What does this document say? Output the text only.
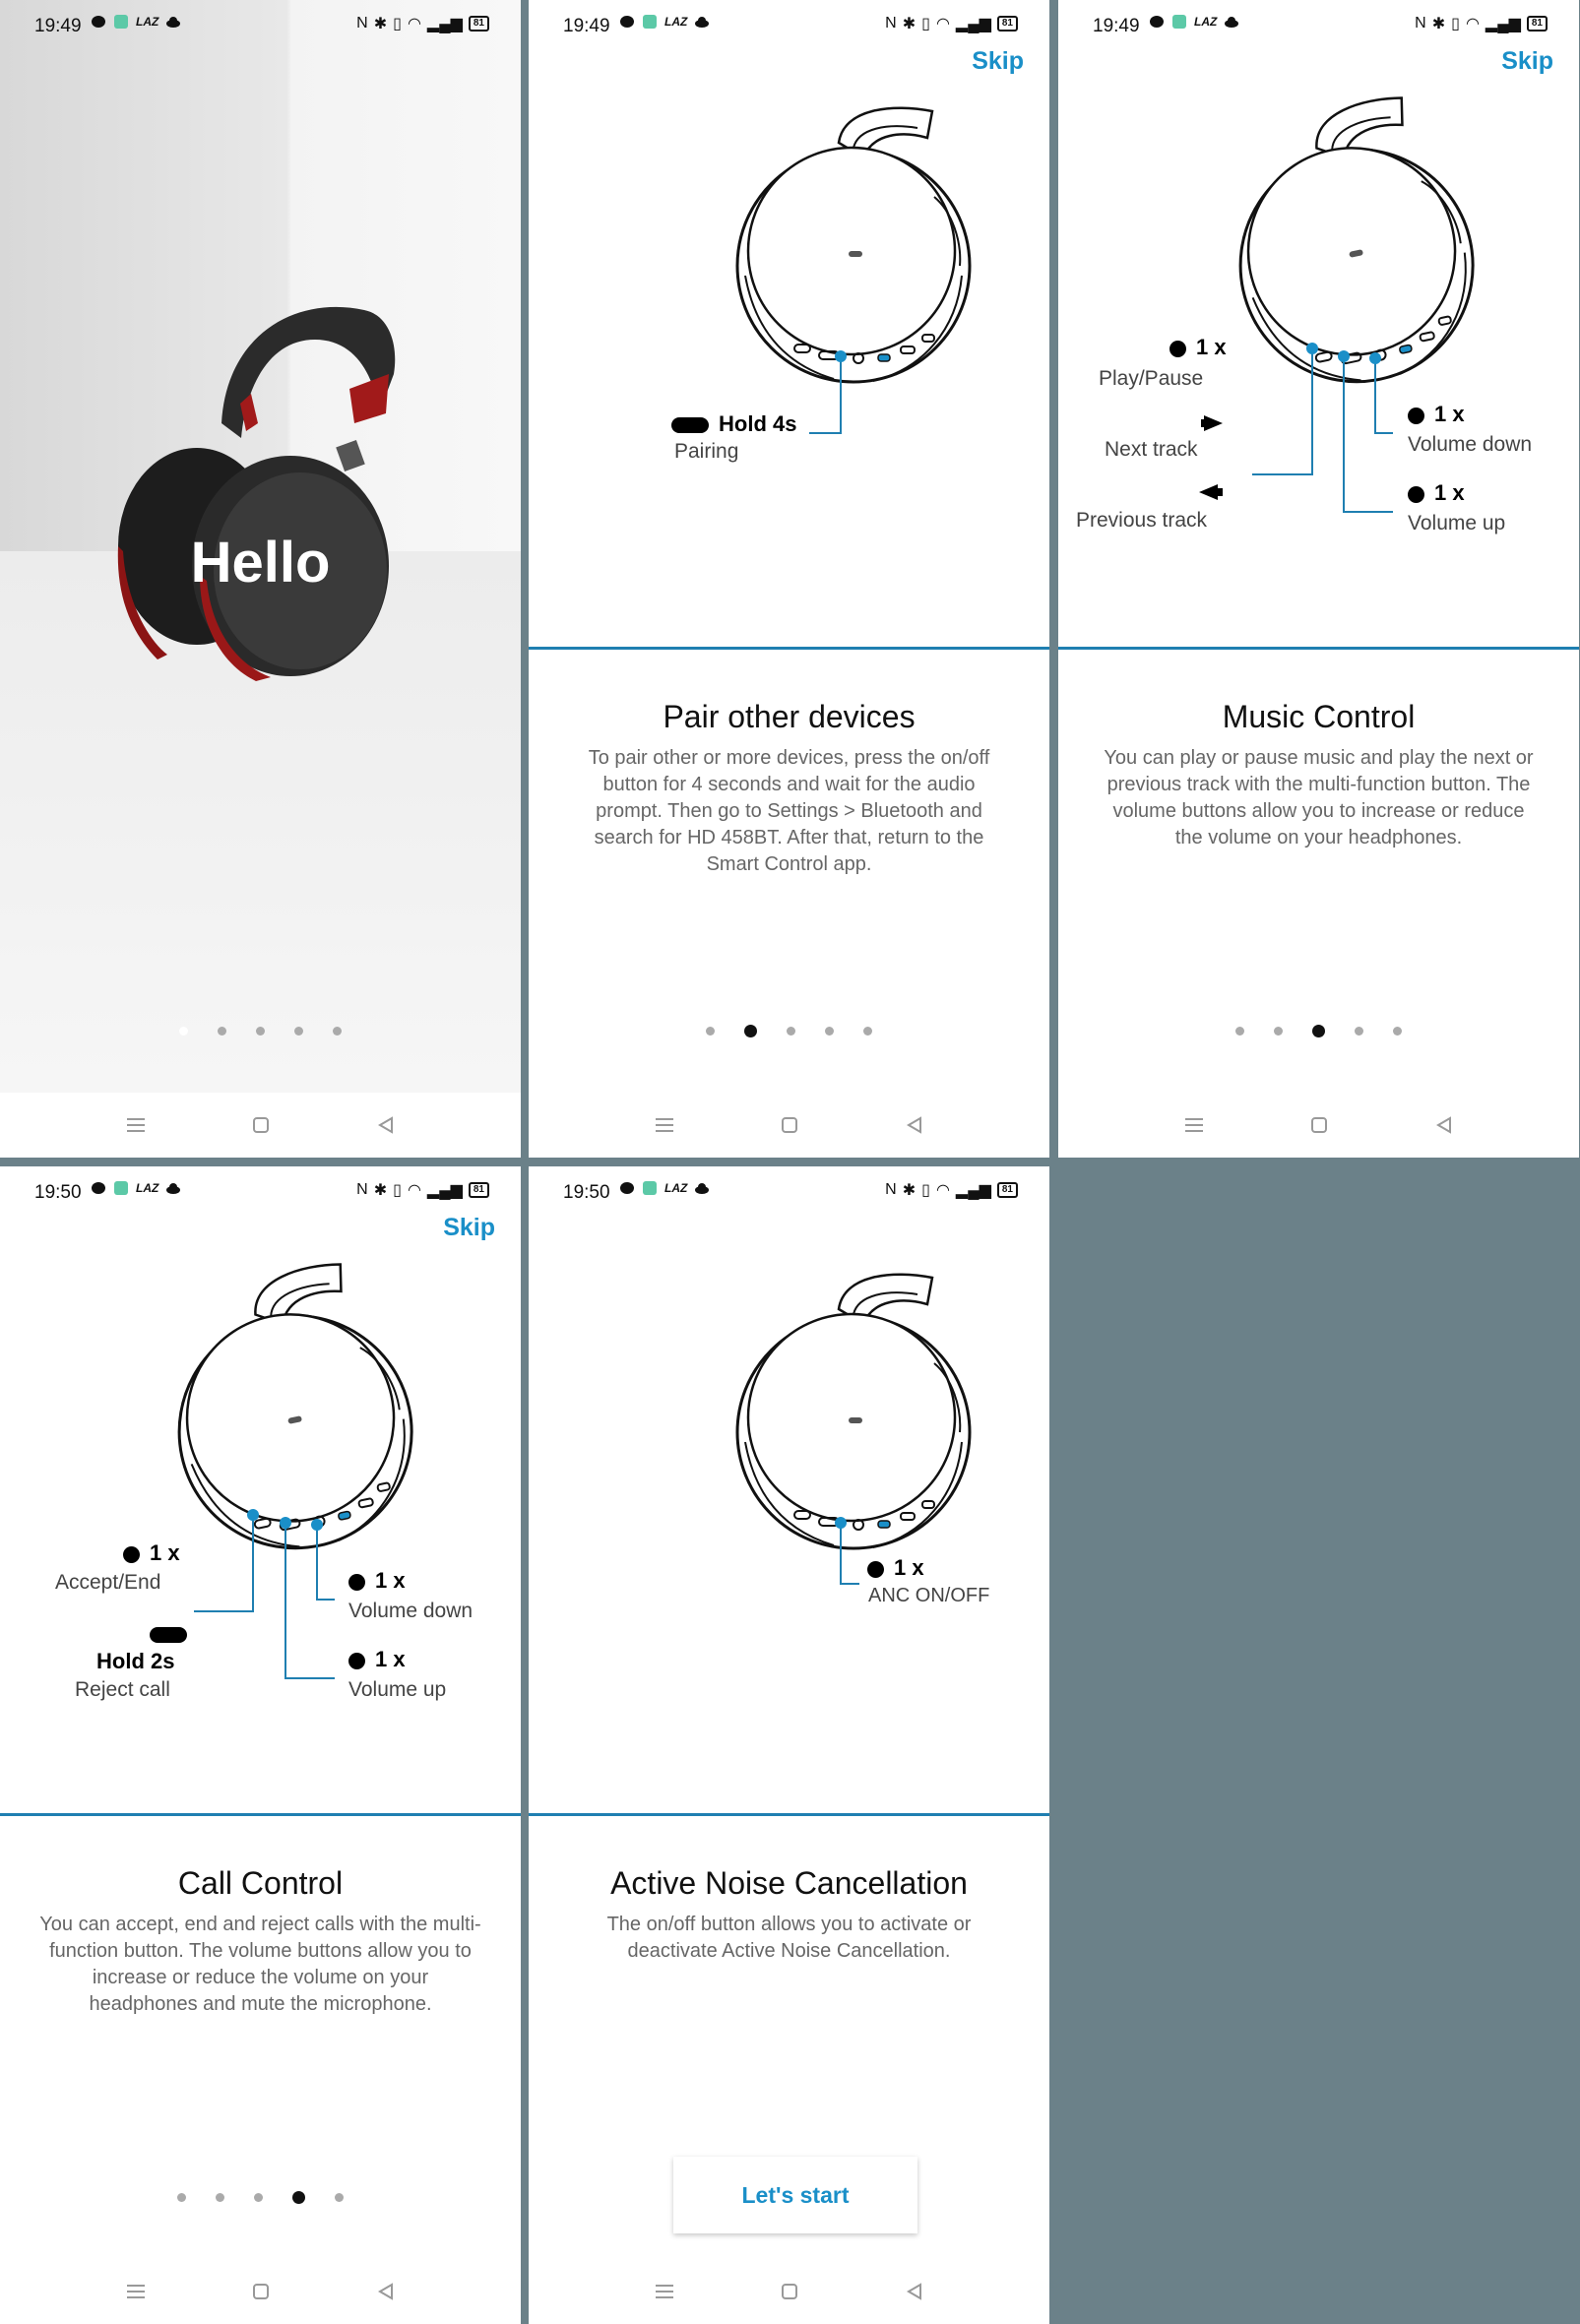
Hello
19:49	LAZ	N ✱ ▯ ◠ ▂▄▆	81	19:49	LAZ	N ✱ ▯ ◠ ▂▄▆	81
Skip
Hold 4s
Pairing
Pair other devices
To pair other or more devices, press the on/off button for 4 seconds and wait for the audio prompt. Then go to Settings > Bluetooth and search for HD 458BT. After that, return to the Smart Control app.
19:49	LAZ	N ✱ ▯ ◠ ▂▄▆	81
Skip
1 x
Play/Pause
Next track
Previous track
1 x
Volume down
1 x
Volume up
Music Control
You can play or pause music and play the next or previous track with the multi-function button. The volume buttons allow you to increase or reduce the volume on your headphones.
19:50	LAZ	N ✱ ▯ ◠ ▂▄▆	81
Skip
1 x
Accept/End
Hold 2s
Reject call
1 x
Volume down
1 x
Volume up
Call Control
You can accept, end and reject calls with the multi-function button. The volume buttons allow you to increase or reduce the volume on your headphones and mute the microphone.
19:50	LAZ	N ✱ ▯ ◠ ▂▄▆	81
1 x
ANC ON/OFF
Active Noise Cancellation
The on/off button allows you to activate or deactivate Active Noise Cancellation.
Let's start
